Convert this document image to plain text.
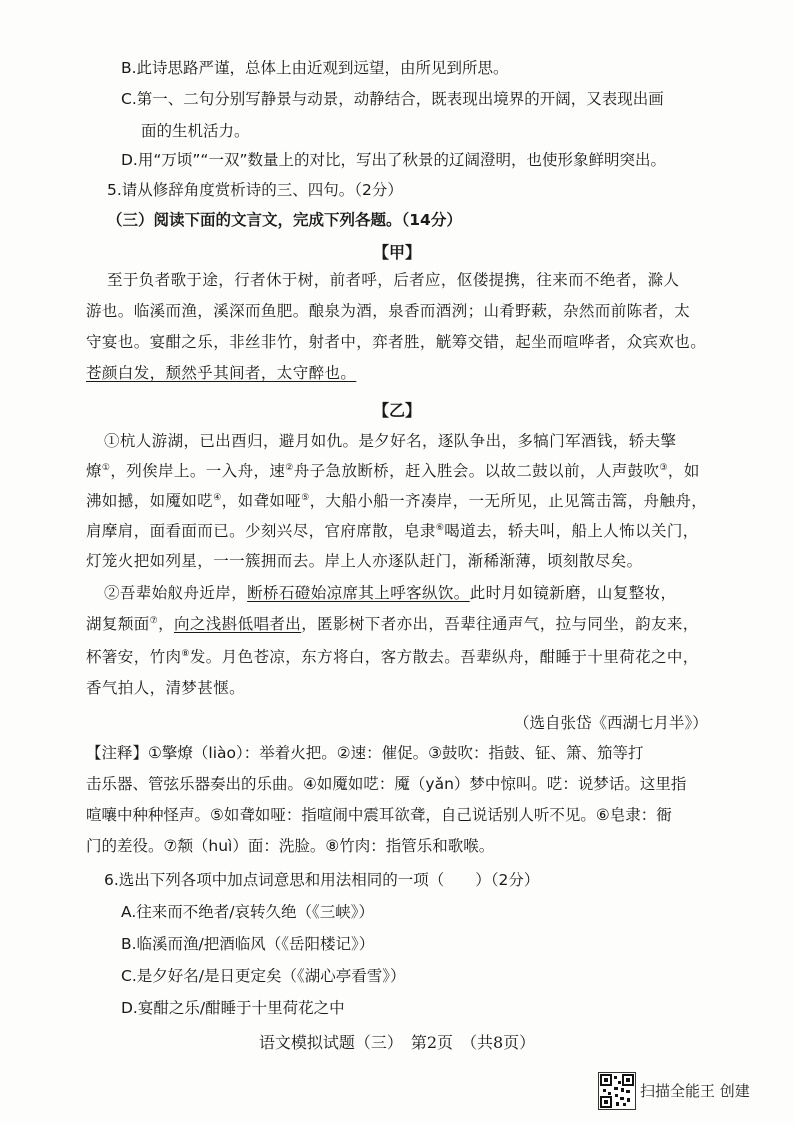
B.此诗思路严谨，总体上由近观到远望，由所见到所思。
C.第一、二句分别写静景与动景，动静结合，既表现出境界的开阔，又表现出画
面的生机活力。
D.用“万顷”“一双”数量上的对比，写出了秋景的辽阔澄明，也使形象鲜明突出。
5.请从修辞角度赏析诗的三、四句。（2分）
（三）阅读下面的文言文，完成下列各题。（14分）
【甲】
至于负者歌于途，行者休于树，前者呼，后者应，伛偻提携，往来而不绝者，滁人
游也。临溪而渔，溪深而鱼肥。酿泉为酒，泉香而酒洌；山肴野蔌，杂然而前陈者，太
守宴也。宴酣之乐，非丝非竹，射者中，弈者胜，觥筹交错，起坐而喧哗者，众宾欢也。
苍颜白发，颓然乎其间者，太守醉也。
【乙】
①杭人游湖，已出酉归，避月如仇。是夕好名，逐队争出，多犒门军酒钱，轿夫擎
燎①，列俟岸上。一入舟，速②舟子急放断桥，赶入胜会。以故二鼓以前，人声鼓吹③，如
沸如撼，如魇如呓④，如聋如哑⑤，大船小船一齐凑岸，一无所见，止见篙击篙，舟触舟，
肩摩肩，面看面而已。少刻兴尽，官府席散，皂隶⑥喝道去，轿夫叫，船上人怖以关门，
灯笼火把如列星，一一簇拥而去。岸上人亦逐队赶门，渐稀渐薄，顷刻散尽矣。
②吾辈始舣舟近岸，断桥石磴始凉席其上呼客纵饮。此时月如镜新磨，山复整妆，
湖复颒面⑦，向之浅斟低唱者出，匿影树下者亦出，吾辈往通声气，拉与同坐，韵友来，
杯箸安，竹肉⑧发。月色苍凉，东方将白，客方散去。吾辈纵舟，酣睡于十里荷花之中，
香气拍人，清梦甚惬。
（选自张岱《西湖七月半》）
【注释】①擎燎（liào）：举着火把。②速：催促。③鼓吹：指鼓、钲、箫、笳等打
击乐器、管弦乐器奏出的乐曲。④如魇如呓：魇（yǎn）梦中惊叫。呓：说梦话。这里指
喧嚷中种种怪声。⑤如聋如哑：指喧闹中震耳欲聋，自己说话别人听不见。⑥皂隶：衙
门的差役。⑦颒（huì）面：洗脸。⑧竹肉：指管乐和歌喉。
6.选出下列各项中加点词意思和用法相同的一项（　　）（2分）
A.往来而不绝者/哀转久绝（《三峡》）
B.临溪而渔/把酒临风（《岳阳楼记》）
C.是夕好名/是日更定矣（《湖心亭看雪》）
D.宴酣之乐/酣睡于十里荷花之中
语文模拟试题（三）　第2页　（共8页）
扫描全能王 创建
